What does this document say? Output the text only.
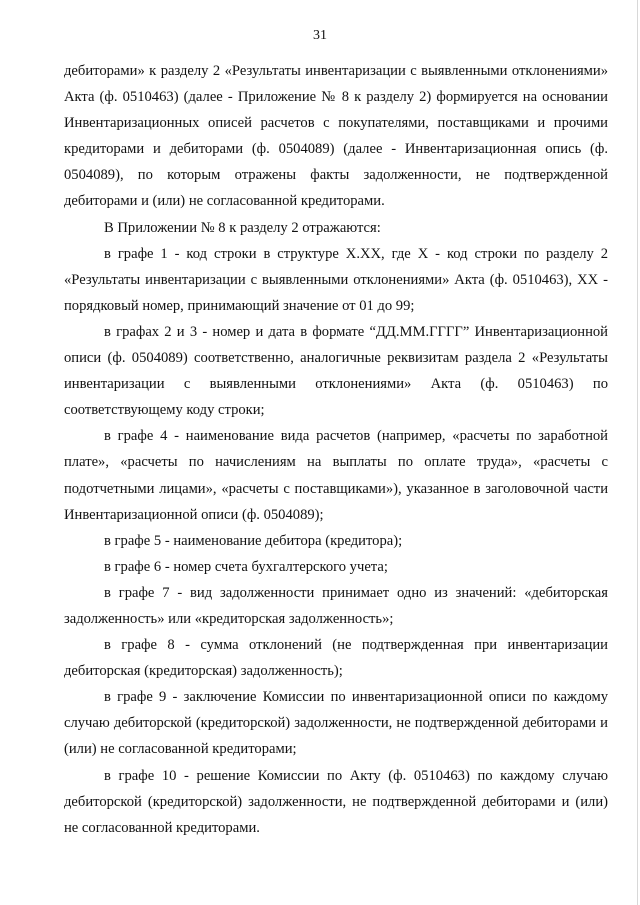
31

дебиторами» к разделу 2 «Результаты инвентаризации с выявленными отклонениями» Акта (ф. 0510463) (далее - Приложение № 8 к разделу 2) формируется на основании Инвентаризационных описей расчетов с покупателями, поставщиками и прочими кредиторами и дебиторами (ф. 0504089) (далее - Инвентаризационная опись (ф. 0504089), по которым отражены факты задолженности, не подтвержденной дебиторами и (или) не согласованной кредиторами.

В Приложении № 8 к разделу 2 отражаются:

в графе 1 - код строки в структуре Х.ХХ, где Х - код строки по разделу 2 «Результаты инвентаризации с выявленными отклонениями» Акта (ф. 0510463), ХХ - порядковый номер, принимающий значение от 01 до 99;

в графах 2 и 3 - номер и дата в формате “ДД.ММ.ГГГГ” Инвентаризационной описи (ф. 0504089) соответственно, аналогичные реквизитам раздела 2 «Результаты инвентаризации с выявленными отклонениями» Акта (ф. 0510463) по соответствующему коду строки;

в графе 4 - наименование вида расчетов (например, «расчеты по заработной плате», «расчеты по начислениям на выплаты по оплате труда», «расчеты с подотчетными лицами», «расчеты с поставщиками»), указанное в заголовочной части Инвентаризационной описи (ф. 0504089);

в графе 5 - наименование дебитора (кредитора);

в графе 6 - номер счета бухгалтерского учета;

в графе 7 - вид задолженности принимает одно из значений: «дебиторская задолженность» или «кредиторская задолженность»;

в графе 8 - сумма отклонений (не подтвержденная при инвентаризации дебиторская (кредиторская) задолженность);

в графе 9 - заключение Комиссии по инвентаризационной описи по каждому случаю дебиторской (кредиторской) задолженности, не подтвержденной дебиторами и (или) не согласованной кредиторами;

в графе 10 - решение Комиссии по Акту (ф. 0510463) по каждому случаю дебиторской (кредиторской) задолженности, не подтвержденной дебиторами и (или) не согласованной кредиторами.
